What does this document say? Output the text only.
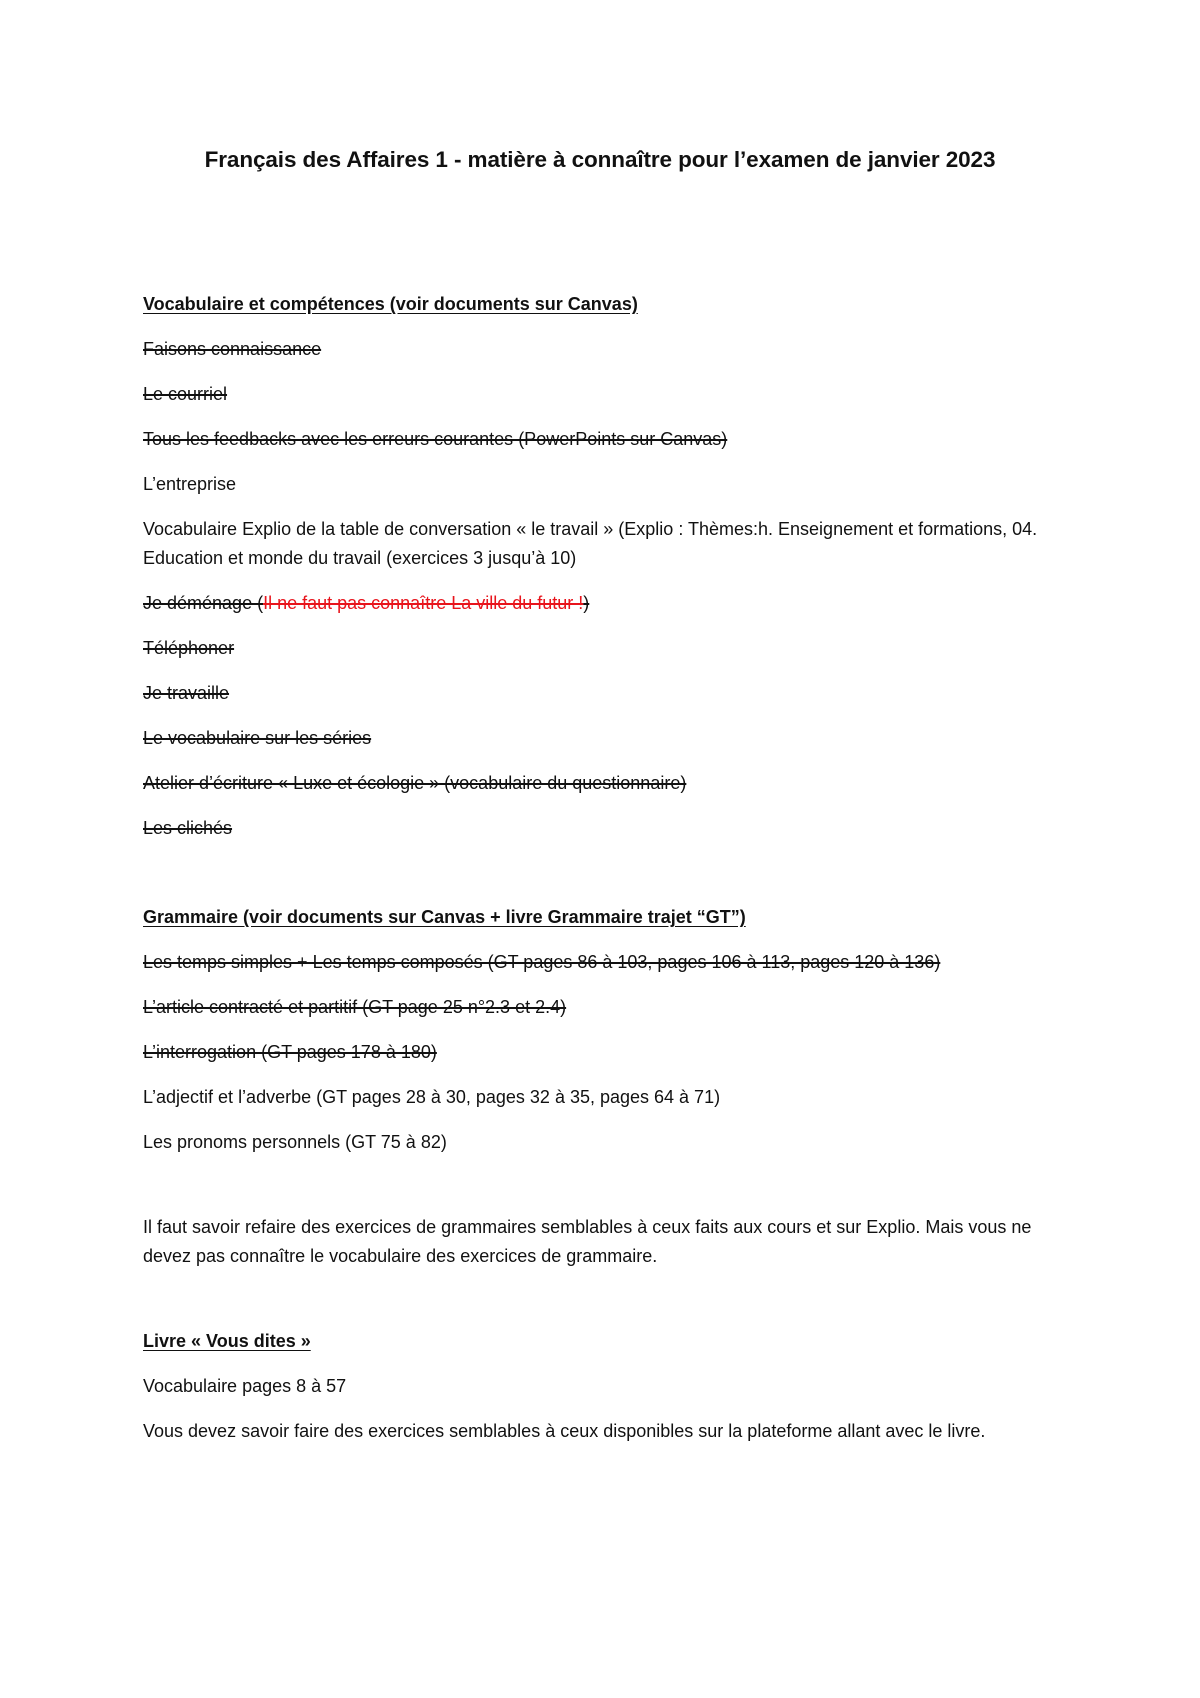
Français des Affaires 1 - matière à connaître pour l’examen de janvier 2023
Vocabulaire et compétences (voir documents sur Canvas)
Faisons connaissance
Le courriel
Tous les feedbacks avec les erreurs courantes (PowerPoints sur Canvas)
L’entreprise
Vocabulaire Explio de la table de conversation « le travail » (Explio : Thèmes:h. Enseignement et formations, 04. Education et monde du travail (exercices 3 jusqu’à 10)
Je déménage (Il ne faut pas connaître La ville du futur !)
Téléphoner
Je travaille
Le vocabulaire sur les séries
Atelier d’écriture « Luxe et écologie » (vocabulaire du questionnaire)
Les clichés
Grammaire (voir documents sur Canvas + livre Grammaire trajet “GT”)
Les temps simples + Les temps composés (GT pages 86 à 103, pages 106 à 113, pages 120 à 136)
L’article contracté et partitif (GT page 25 n°2.3 et 2.4)
L’interrogation (GT pages 178 à 180)
L’adjectif et l’adverbe (GT pages 28 à 30, pages 32 à 35, pages 64 à 71)
Les pronoms personnels (GT 75 à 82)
Il faut savoir refaire des exercices de grammaires semblables à ceux faits aux cours et sur Explio. Mais vous ne devez pas connaître le vocabulaire des exercices de grammaire.
Livre « Vous dites »
Vocabulaire pages 8 à 57
Vous devez savoir faire des exercices semblables à ceux disponibles sur la plateforme allant avec le livre.
